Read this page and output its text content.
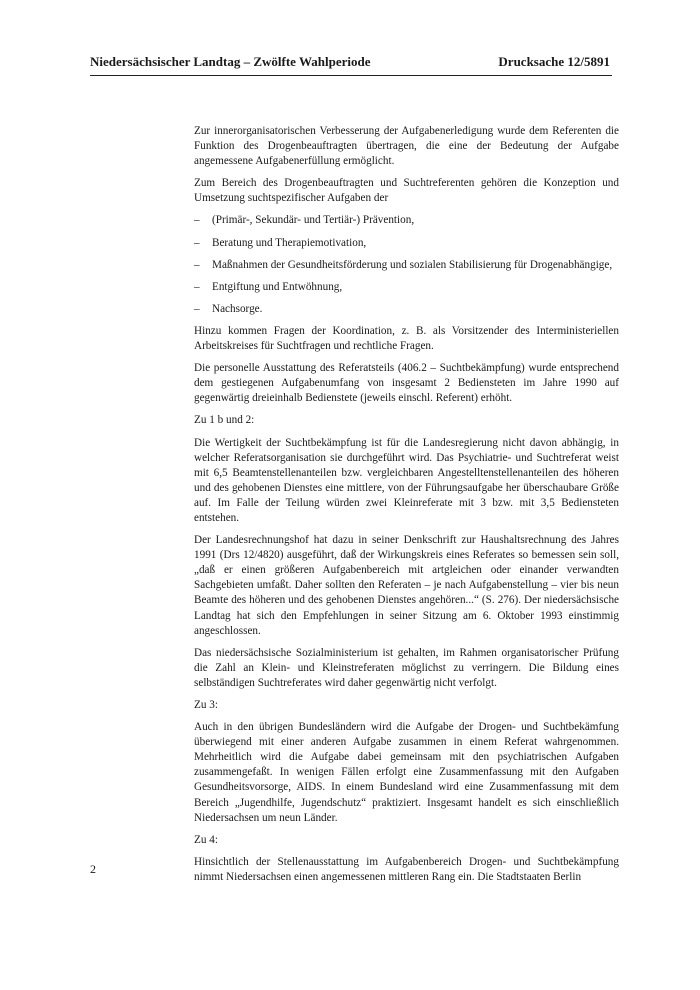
Niedersächsischer Landtag – Zwölfte Wahlperiode	Drucksache 12/5891

Zur innerorganisatorischen Verbesserung der Aufgabenerledigung wurde dem Referenten die Funktion des Drogenbeauftragten übertragen, die eine der Bedeutung der Aufgabe angemessene Aufgabenerfüllung ermöglicht.

Zum Bereich des Drogenbeauftragten und Suchtreferenten gehören die Konzeption und Umsetzung suchtspezifischer Aufgaben der

– (Primär-, Sekundär- und Tertiär-) Prävention,
– Beratung und Therapiemotivation,
– Maßnahmen der Gesundheitsförderung und sozialen Stabilisierung für Drogenabhängige,
– Entgiftung und Entwöhnung,
– Nachsorge.

Hinzu kommen Fragen der Koordination, z. B. als Vorsitzender des Interministeriellen Arbeitskreises für Suchtfragen und rechtliche Fragen.

Die personelle Ausstattung des Referatsteils (406.2 – Suchtbekämpfung) wurde entsprechend dem gestiegenen Aufgabenumfang von insgesamt 2 Bediensteten im Jahre 1990 auf gegenwärtig dreieinhalb Bedienstete (jeweils einschl. Referent) erhöht.

Zu 1 b und 2:

Die Wertigkeit der Suchtbekämpfung ist für die Landesregierung nicht davon abhängig, in welcher Referatsorganisation sie durchgeführt wird. Das Psychiatrie- und Suchtreferat weist mit 6,5 Beamtenstellenanteilen bzw. vergleichbaren Angestelltenstellenanteilen des höheren und des gehobenen Dienstes eine mittlere, von der Führungsaufgabe her überschaubare Größe auf. Im Falle der Teilung würden zwei Kleinreferate mit 3 bzw. mit 3,5 Bediensteten entstehen.

Der Landesrechnungshof hat dazu in seiner Denkschrift zur Haushaltsrechnung des Jahres 1991 (Drs 12/4820) ausgeführt, daß der Wirkungskreis eines Referates so bemessen sein soll, „daß er einen größeren Aufgabenbereich mit artgleichen oder einander verwandten Sachgebieten umfaßt. Daher sollten den Referaten – je nach Aufgabenstellung – vier bis neun Beamte des höheren und des gehobenen Dienstes angehören...“ (S. 276). Der niedersächsische Landtag hat sich den Empfehlungen in seiner Sitzung am 6. Oktober 1993 einstimmig angeschlossen.

Das niedersächsische Sozialministerium ist gehalten, im Rahmen organisatorischer Prüfung die Zahl an Klein- und Kleinstreferaten möglichst zu verringern. Die Bildung eines selbständigen Suchtreferates wird daher gegenwärtig nicht verfolgt.

Zu 3:

Auch in den übrigen Bundesländern wird die Aufgabe der Drogen- und Suchtbekämfung überwiegend mit einer anderen Aufgabe zusammen in einem Referat wahrgenommen. Mehrheitlich wird die Aufgabe dabei gemeinsam mit den psychiatrischen Aufgaben zusammengefaßt. In wenigen Fällen erfolgt eine Zusammenfassung mit den Aufgaben Gesundheitsvorsorge, AIDS. In einem Bundesland wird eine Zusammenfassung mit dem Bereich „Jugendhilfe, Jugendschutz“ praktiziert. Insgesamt handelt es sich einschließlich Niedersachsen um neun Länder.

Zu 4:

Hinsichtlich der Stellenausstattung im Aufgabenbereich Drogen- und Suchtbekämpfung nimmt Niedersachsen einen angemessenen mittleren Rang ein. Die Stadtstaaten Berlin

2
